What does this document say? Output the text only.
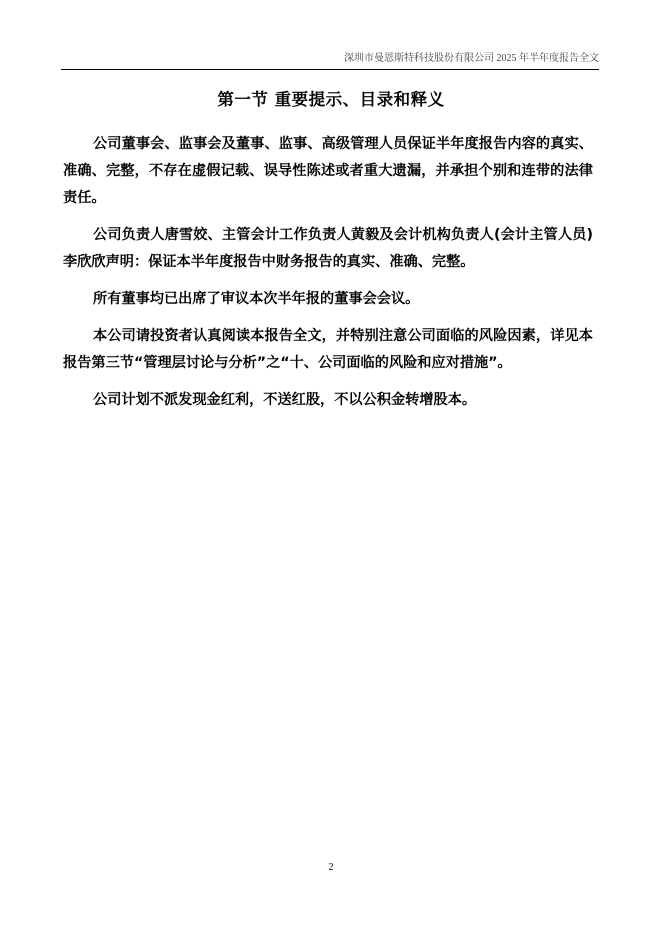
深圳市曼恩斯特科技股份有限公司 2025 年半年度报告全文
第一节 重要提示、目录和释义

公司董事会、监事会及董事、监事、高级管理人员保证半年度报告内容的真实、准确、完整，不存在虚假记载、误导性陈述或者重大遗漏，并承担个别和连带的法律责任。

公司负责人唐雪姣、主管会计工作负责人黄毅及会计机构负责人(会计主管人员)李欣欣声明：保证本半年度报告中财务报告的真实、准确、完整。

所有董事均已出席了审议本次半年报的董事会会议。

本公司请投资者认真阅读本报告全文，并特别注意公司面临的风险因素，详见本报告第三节“管理层讨论与分析”之“十、公司面临的风险和应对措施”。

公司计划不派发现金红利，不送红股，不以公积金转增股本。

2
